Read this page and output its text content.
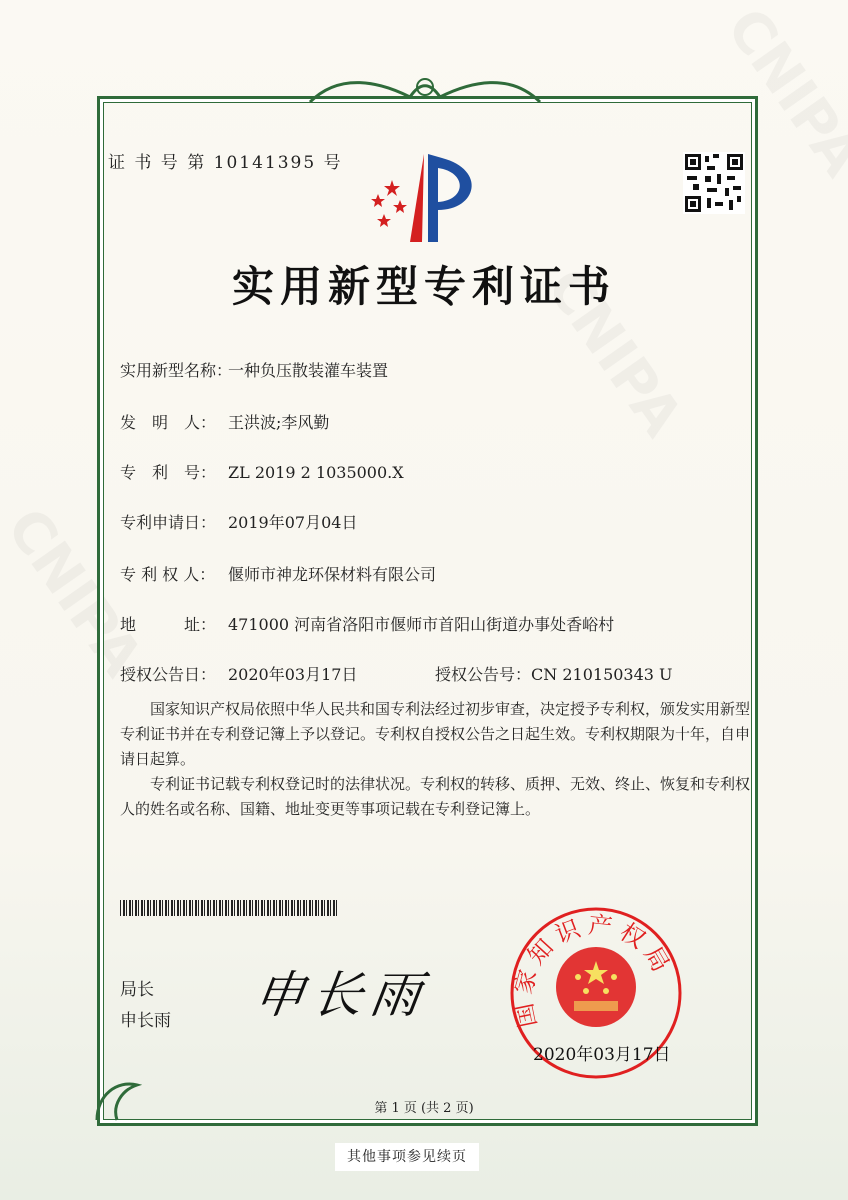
证 书 号 第 10141395 号
实用新型专利证书
实用新型名称：一种负压散装灌车装置
发　明　人： 王洪波;李风勤
专　利　号： ZL 2019 2 1035000.X
专利申请日： 2019年07月04日
专 利 权 人： 偃师市神龙环保材料有限公司
地　　　址： 471000 河南省洛阳市偃师市首阳山街道办事处香峪村
授权公告日： 2020年03月17日	授权公告号：CN 210150343 U
国家知识产权局依照中华人民共和国专利法经过初步审查，决定授予专利权，颁发实用新型专利证书并在专利登记簿上予以登记。专利权自授权公告之日起生效。专利权期限为十年，自申请日起算。
专利证书记载专利权登记时的法律状况。专利权的转移、质押、无效、终止、恢复和专利权人的姓名或名称、国籍、地址变更等事项记载在专利登记簿上。
局长
申长雨 申长雨	国家知识产权局
2020年03月17日
第 1 页 (共 2 页)
其他事项参见续页
